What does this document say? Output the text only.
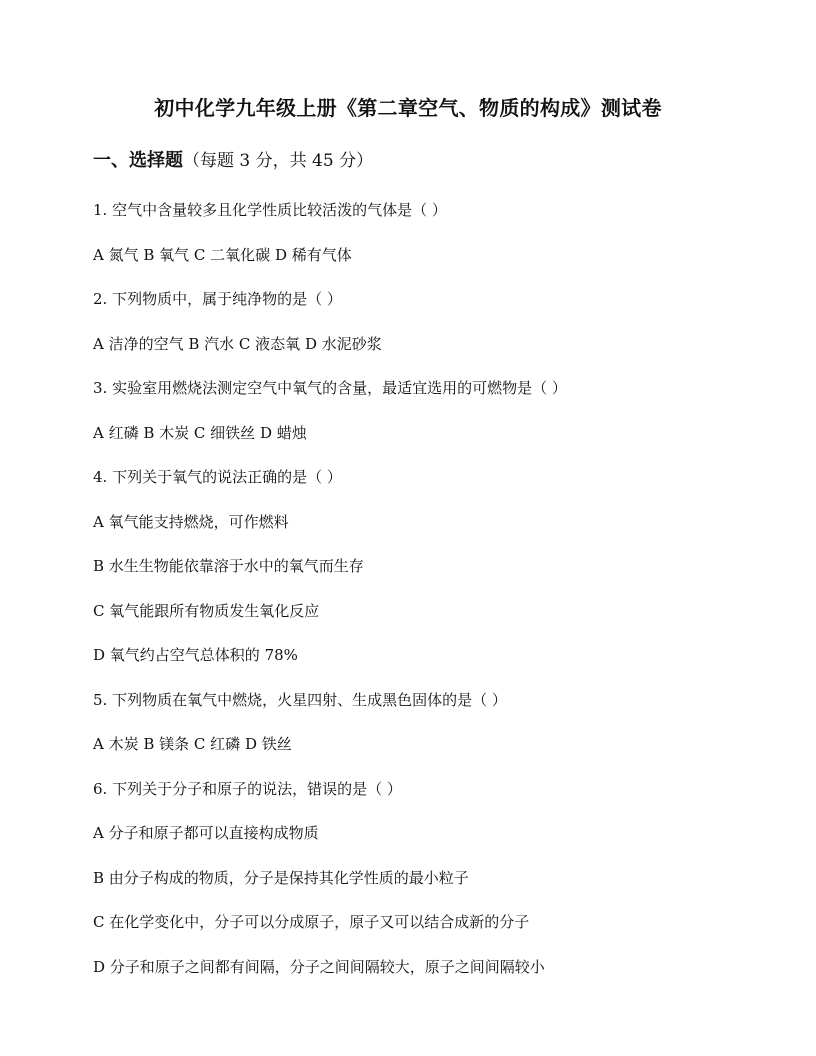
初中化学九年级上册《第二章空气、物质的构成》测试卷
一、选择题（每题 3 分，共 45 分）
1. 空气中含量较多且化学性质比较活泼的气体是（ ）
A 氮气 B 氧气 C 二氧化碳 D 稀有气体
2. 下列物质中，属于纯净物的是（ ）
A 洁净的空气 B 汽水 C 液态氧 D 水泥砂浆
3. 实验室用燃烧法测定空气中氧气的含量，最适宜选用的可燃物是（ ）
A 红磷 B 木炭 C 细铁丝 D 蜡烛
4. 下列关于氧气的说法正确的是（ ）
A 氧气能支持燃烧，可作燃料
B 水生生物能依靠溶于水中的氧气而生存
C 氧气能跟所有物质发生氧化反应
D 氧气约占空气总体积的 78%
5. 下列物质在氧气中燃烧，火星四射、生成黑色固体的是（ ）
A 木炭 B 镁条 C 红磷 D 铁丝
6. 下列关于分子和原子的说法，错误的是（ ）
A 分子和原子都可以直接构成物质
B 由分子构成的物质，分子是保持其化学性质的最小粒子
C 在化学变化中，分子可以分成原子，原子又可以结合成新的分子
D 分子和原子之间都有间隔，分子之间间隔较大，原子之间间隔较小
